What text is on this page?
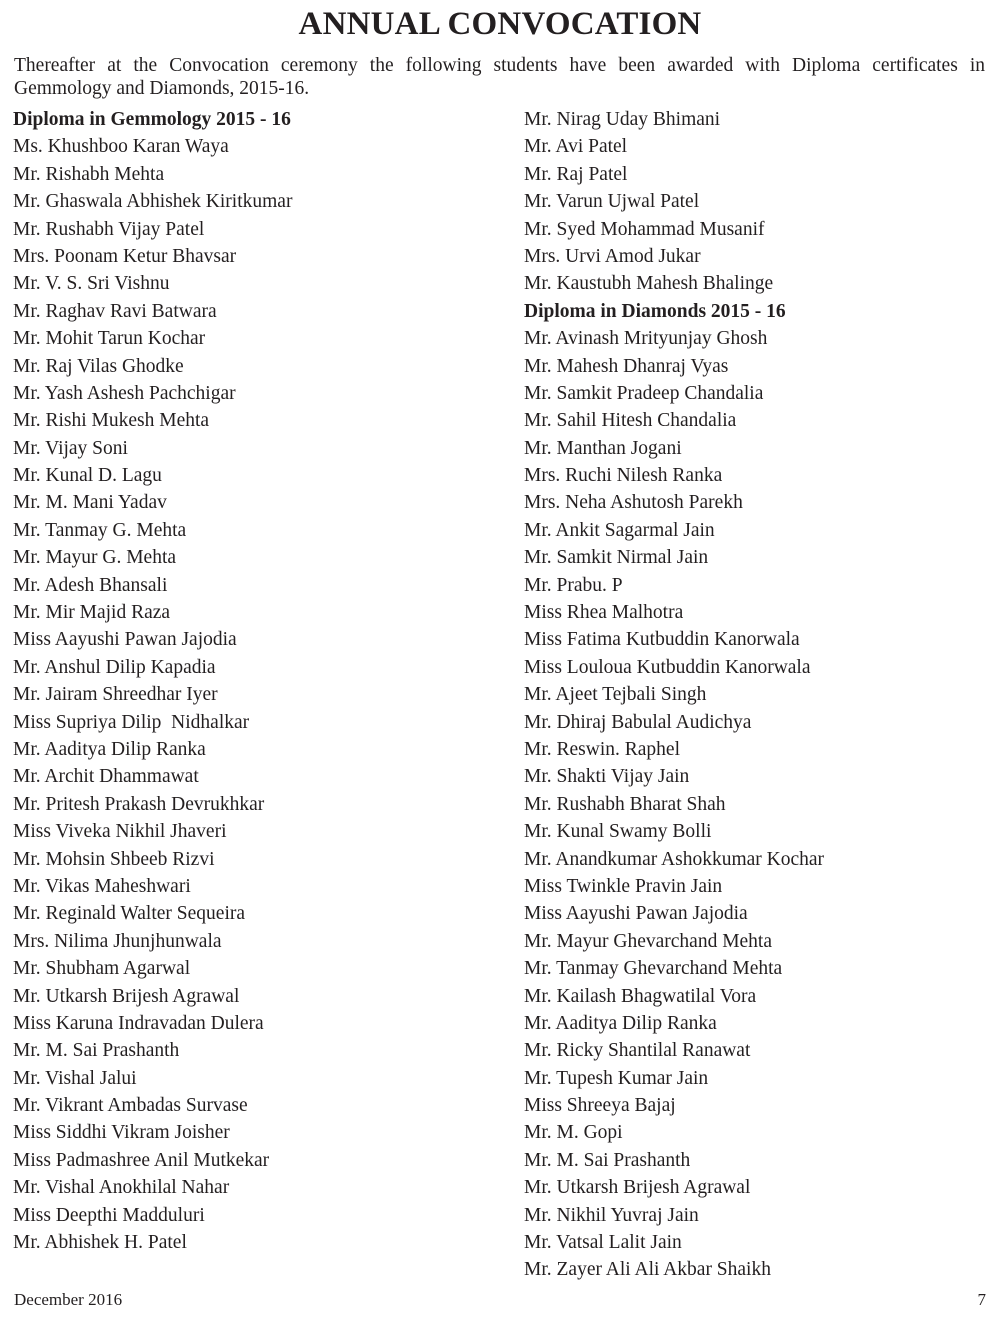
ANNUAL CONVOCATION

Thereafter at the Convocation ceremony the following students have been awarded with Diploma certificates in Gemmology and Diamonds, 2015-16.

Diploma in Gemmology 2015 - 16
Ms. Khushboo Karan Waya
Mr. Rishabh Mehta
Mr. Ghaswala Abhishek Kiritkumar
Mr. Rushabh Vijay Patel
Mrs. Poonam Ketur Bhavsar
Mr. V. S. Sri Vishnu
Mr. Raghav Ravi Batwara
Mr. Mohit Tarun Kochar
Mr. Raj Vilas Ghodke
Mr. Yash Ashesh Pachchigar
Mr. Rishi Mukesh Mehta
Mr. Vijay Soni
Mr. Kunal D. Lagu
Mr. M. Mani Yadav
Mr. Tanmay G. Mehta
Mr. Mayur G. Mehta
Mr. Adesh Bhansali
Mr. Mir Majid Raza
Miss Aayushi Pawan Jajodia
Mr. Anshul Dilip Kapadia
Mr. Jairam Shreedhar Iyer
Miss Supriya Dilip  Nidhalkar
Mr. Aaditya Dilip Ranka
Mr. Archit Dhammawat
Mr. Pritesh Prakash Devrukhkar
Miss Viveka Nikhil Jhaveri
Mr. Mohsin Shbeeb Rizvi
Mr. Vikas Maheshwari
Mr. Reginald Walter Sequeira
Mrs. Nilima Jhunjhunwala
Mr. Shubham Agarwal
Mr. Utkarsh Brijesh Agrawal
Miss Karuna Indravadan Dulera
Mr. M. Sai Prashanth
Mr. Vishal Jalui
Mr. Vikrant Ambadas Survase
Miss Siddhi Vikram Joisher
Miss Padmashree Anil Mutkekar
Mr. Vishal Anokhilal Nahar
Miss Deepthi Madduluri
Mr. Abhishek H. Patel
Mr. Nirag Uday Bhimani
Mr. Avi Patel
Mr. Raj Patel
Mr. Varun Ujwal Patel
Mr. Syed Mohammad Musanif
Mrs. Urvi Amod Jukar
Mr. Kaustubh Mahesh Bhalinge
Diploma in Diamonds 2015 - 16
Mr. Avinash Mrityunjay Ghosh
Mr. Mahesh Dhanraj Vyas
Mr. Samkit Pradeep Chandalia
Mr. Sahil Hitesh Chandalia
Mr. Manthan Jogani
Mrs. Ruchi Nilesh Ranka
Mrs. Neha Ashutosh Parekh
Mr. Ankit Sagarmal Jain
Mr. Samkit Nirmal Jain
Mr. Prabu. P
Miss Rhea Malhotra
Miss Fatima Kutbuddin Kanorwala
Miss Louloua Kutbuddin Kanorwala
Mr. Ajeet Tejbali Singh
Mr. Dhiraj Babulal Audichya
Mr. Reswin. Raphel
Mr. Shakti Vijay Jain
Mr. Rushabh Bharat Shah
Mr. Kunal Swamy Bolli
Mr. Anandkumar Ashokkumar Kochar
Miss Twinkle Pravin Jain
Miss Aayushi Pawan Jajodia
Mr. Mayur Ghevarchand Mehta
Mr. Tanmay Ghevarchand Mehta
Mr. Kailash Bhagwatilal Vora
Mr. Aaditya Dilip Ranka
Mr. Ricky Shantilal Ranawat
Mr. Tupesh Kumar Jain
Miss Shreeya Bajaj
Mr. M. Gopi
Mr. M. Sai Prashanth
Mr. Utkarsh Brijesh Agrawal
Mr. Nikhil Yuvraj Jain
Mr. Vatsal Lalit Jain
Mr. Zayer Ali Ali Akbar Shaikh
December 2016	7
